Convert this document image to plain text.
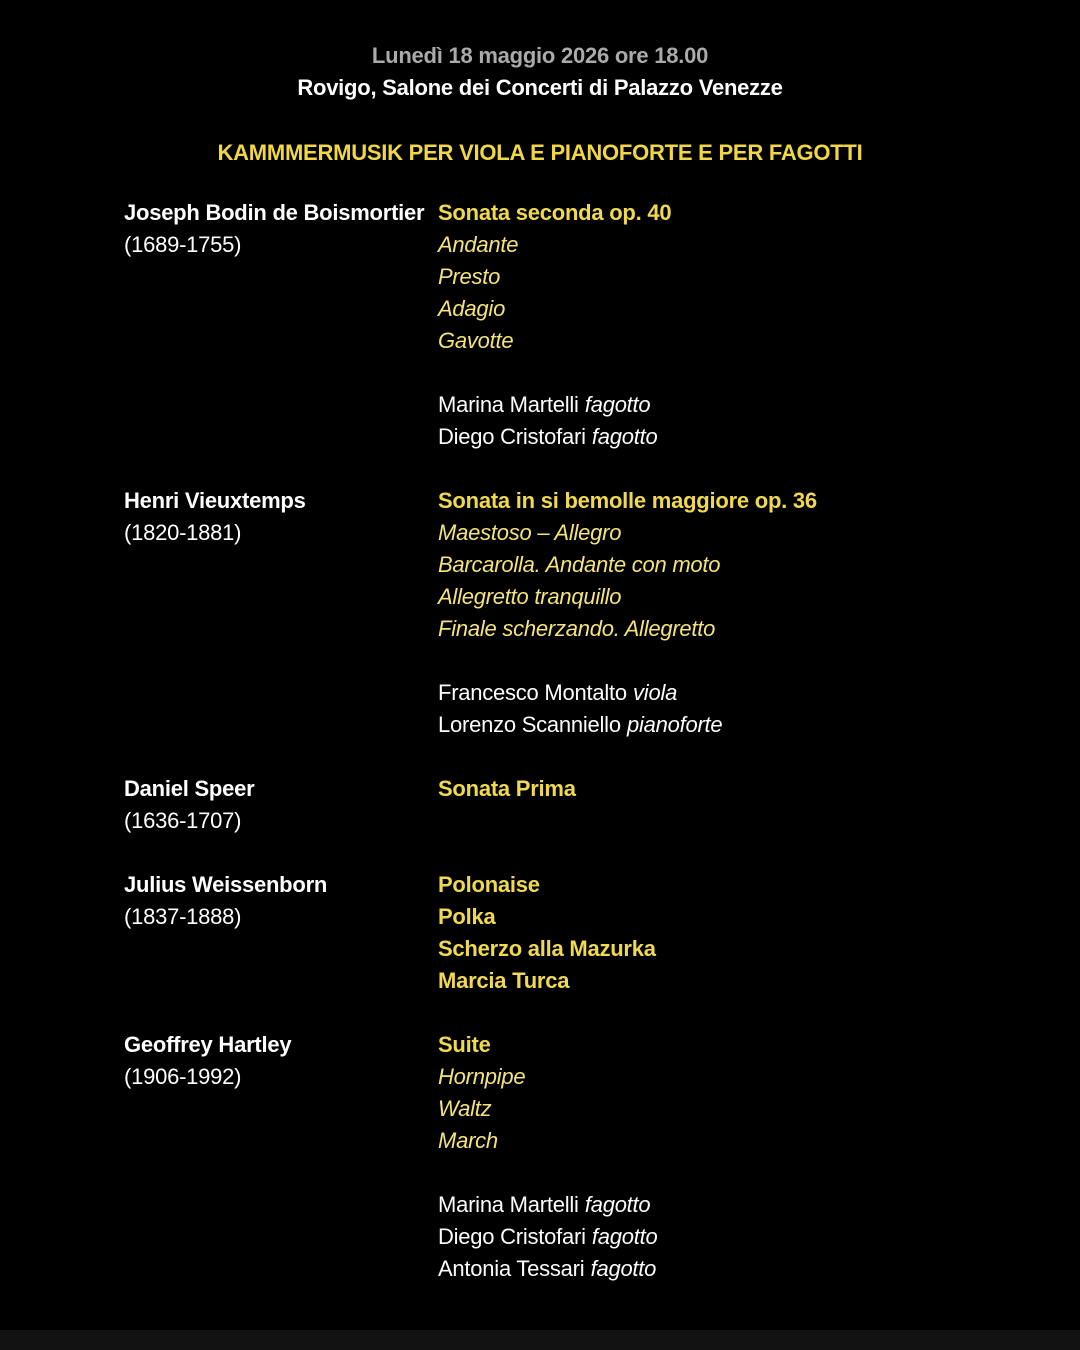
Lunedì 18 maggio 2026 ore 18.00
Rovigo, Salone dei Concerti di Palazzo Venezze
KAMMMERMUSIK PER VIOLA E PIANOFORTE E PER FAGOTTI
Joseph Bodin de Boismortier
(1689-1755)
Sonata seconda op. 40
Andante
Presto
Adagio
Gavotte
Marina Martelli fagotto
Diego Cristofari fagotto
Henri Vieuxtemps
(1820-1881)
Sonata in si bemolle maggiore op. 36
Maestoso – Allegro
Barcarolla. Andante con moto
Allegretto tranquillo
Finale scherzando. Allegretto
Francesco Montalto viola
Lorenzo Scanniello pianoforte
Daniel Speer
(1636-1707)
Sonata Prima
Julius Weissenborn
(1837-1888)
Polonaise
Polka
Scherzo alla Mazurka
Marcia Turca
Geoffrey Hartley
(1906-1992)
Suite
Hornpipe
Waltz
March
Marina Martelli fagotto
Diego Cristofari fagotto
Antonia Tessari fagotto
